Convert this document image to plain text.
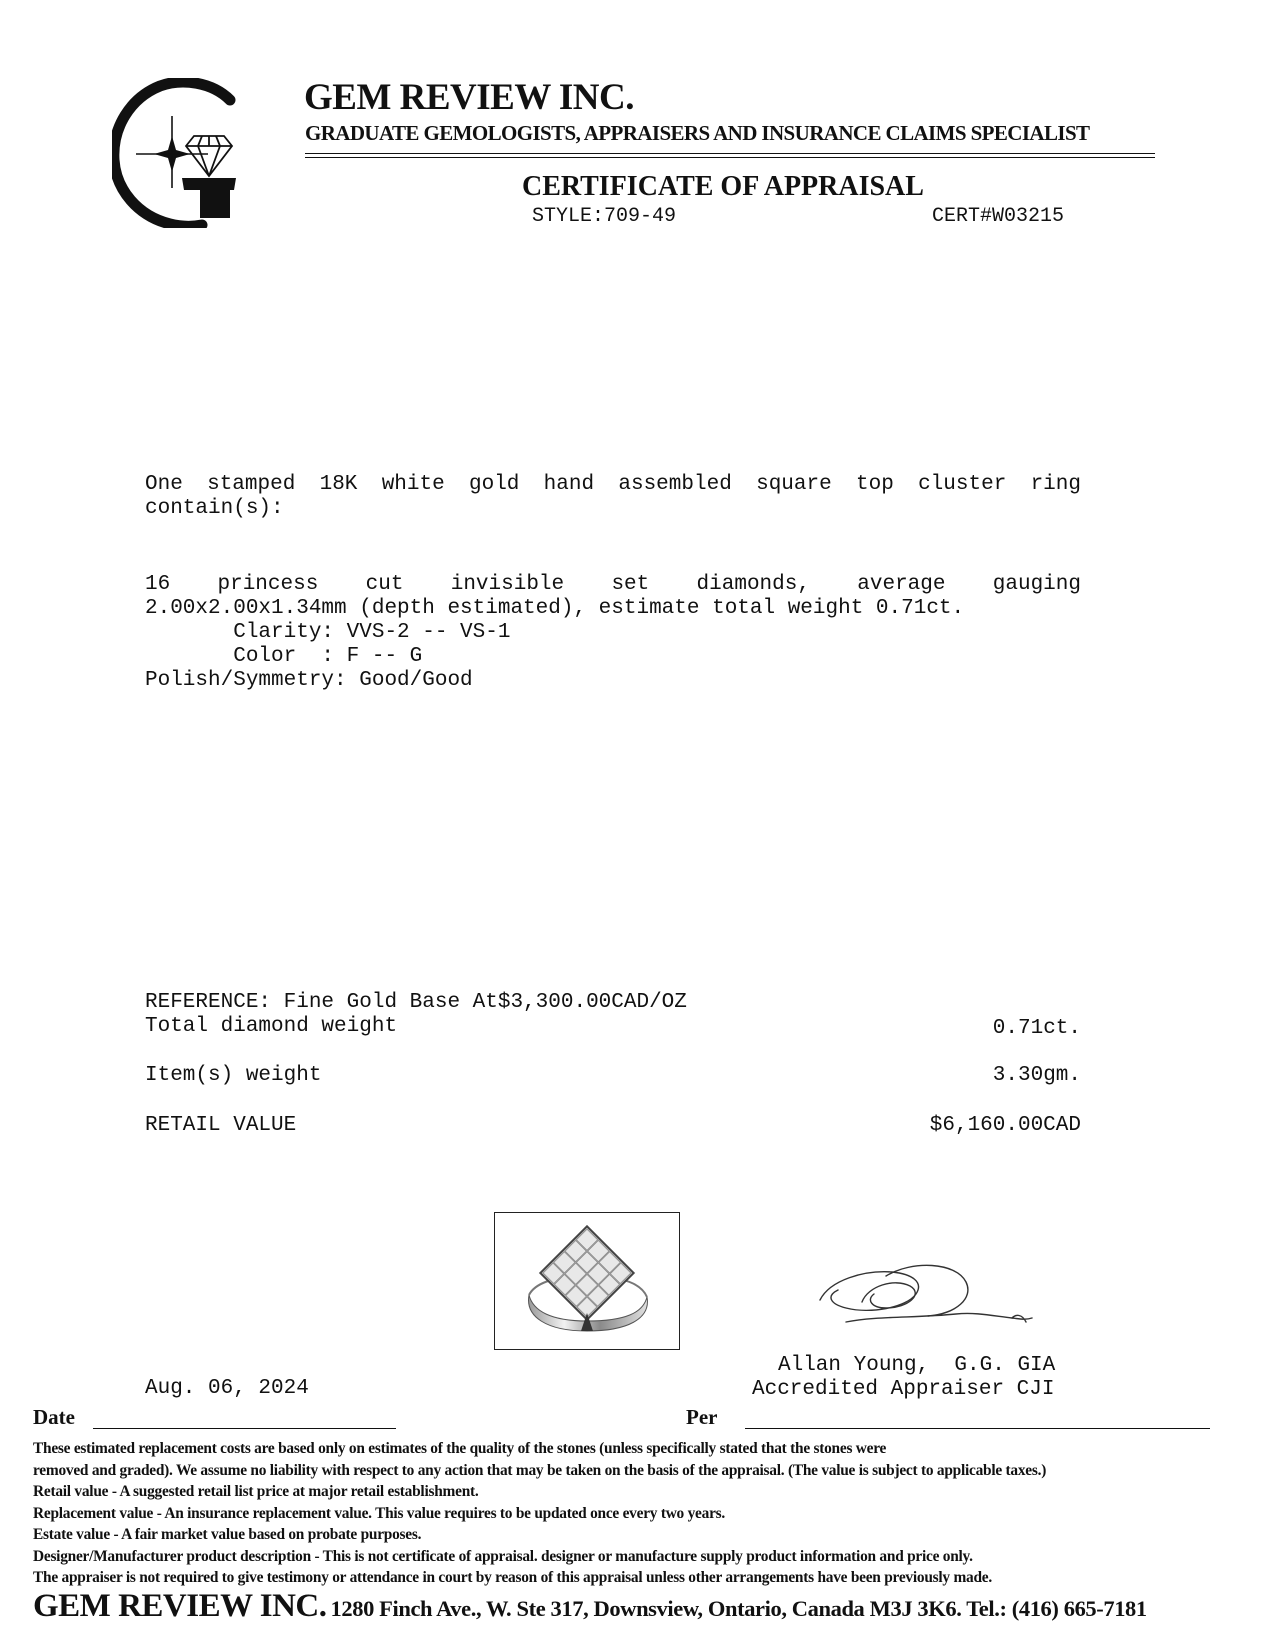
GEM REVIEW INC.
GRADUATE GEMOLOGISTS, APPRAISERS AND INSURANCE CLAIMS SPECIALIST
CERTIFICATE OF APPRAISAL
STYLE:709-49	CERT#W03215
One stamped 18K white gold hand assembled square top cluster ring
contain(s):
16 princess cut invisible set diamonds, average gauging
2.00x2.00x1.34mm (depth estimated), estimate total weight 0.71ct.
Clarity: VVS-2 -- VS-1
Color  : F -- G
Polish/Symmetry: Good/Good
REFERENCE: Fine Gold Base At$3,300.00CAD/OZ
Total diamond weight	0.71ct.
Item(s) weight	3.30gm.
RETAIL VALUE	$6,160.00CAD
Allan Young,  G.G. GIA
Accredited Appraiser CJI
Aug. 06, 2024
Date	Per
These estimated replacement costs are based only on estimates of the quality of the stones (unless specifically stated that the stones were
removed and graded). We assume no liability with respect to any action that may be taken on the basis of the appraisal. (The value is subject to applicable taxes.)
Retail value - A suggested retail list price at major retail establishment.
Replacement value - An insurance replacement value. This value requires to be updated once every two years.
Estate value - A fair market value based on probate purposes.
Designer/Manufacturer product description - This is not certificate of appraisal. designer or manufacture supply product information and price only.
The appraiser is not required to give testimony or attendance in court by reason of this appraisal unless other arrangements have been previously made.
GEM REVIEW INC. 1280 Finch Ave., W. Ste 317, Downsview, Ontario, Canada M3J 3K6. Tel.: (416) 665-7181
